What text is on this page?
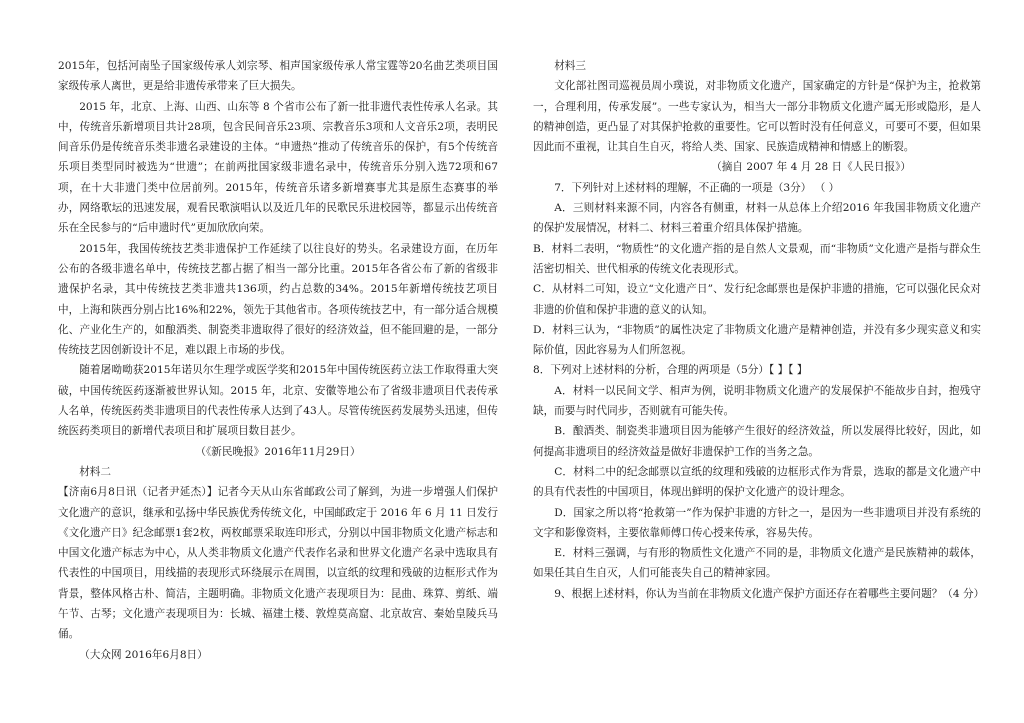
2015年，包括河南坠子国家级传承人刘宗琴、相声国家级传承人常宝霆等20名曲艺类项目国家级传承人离世，更是给非遗传承带来了巨大损失。

2015 年，北京、上海、山西、山东等 8 个省市公布了新一批非遗代表性传承人名录。其中，传统音乐新增项目共计28项，包含民间音乐23项、宗教音乐3项和人文音乐2项，表明民间音乐仍是传统音乐类非遗名录建设的主体。“申遗热”推动了传统音乐的保护，有5个传统音乐项目类型同时被选为“世遗”；在前两批国家级非遗名录中，传统音乐分别入选72项和67 项，在十大非遗门类中位居前列。2015年，传统音乐诸多新增赛事尤其是原生态赛事的举办，网络歌坛的迅速发展，观看民歌演唱认以及近几年的民歌民乐进校园等，都显示出传统音乐在全民参与的“后申遗时代”更加欣欣向荣。

2015年，我国传统技艺类非遗保护工作延续了以往良好的势头。名录建设方面，在历年公布的各级非遗名单中，传统技艺都占据了相当一部分比重。2015年各省公布了新的省级非遗保护名录，其中传统技艺类非遗共136项，约占总数的34%。2015年新增传统技艺项目中，上海和陕西分别占比16%和22%，领先于其他省市。各项传统技艺中，有一部分适合规模化、产业化生产的，如酿酒类、制瓷类非遗取得了很好的经济效益，但不能回避的是，一部分传统技艺因创新设计不足，难以跟上市场的步伐。

随着屠呦呦获2015年诺贝尔生理学或医学奖和2015年中国传统医药立法工作取得重大突破，中国传统医药逐渐被世界认知。2015 年，北京、安徽等地公布了省级非遗项目代表传承人名单，传统医药类非遗项目的代表性传承人达到了43人。尽管传统医药发展势头迅速，但传统医药类项目的新增代表项目和扩展项目数目甚少。

（《新民晚报》2016年11月29日）

材料二

【济南6月8日讯（记者尹延杰）】记者今天从山东省邮政公司了解到，为进一步增强人们保护文化遗产的意识，继承和弘扬中华民族优秀传统文化，中国邮政定于 2016 年 6 月 11 日发行《文化遗产日》纪念邮票1套2枚，两枚邮票采取连印形式，分别以中国非物质文化遗产标志和中国文化遗产标志为中心，从人类非物质文化遗产代表作名录和世界文化遗产名录中选取具有代表性的中国项目，用线描的表现形式环绕展示在周围，以宣纸的纹理和残破的边框形式作为背景，整体风格古朴、简洁，主题明确。非物质文化遗产表现项目为：昆曲、珠算、剪纸、端午节、古琴；文化遗产表现项目为：长城、福建土楼、敦煌莫高窟、北京故宫、秦始皇陵兵马俑。

（大众网 2016年6月8日）

材料三

文化部社图司巡视员周小璞说，对非物质文化遗产，国家确定的方针是“保护为主，抢救第一，合理利用，传承发展”。一些专家认为，相当大一部分非物质文化遗产属无形或隐形，是人的精神创造，更凸显了对其保护抢救的重要性。它可以暂时没有任何意义，可要可不要，但如果因此而不重视，让其自生自灭，将给人类、国家、民族造成精神和情感上的断裂。

（摘自 2007 年 4 月 28 日《人民日报》）

7．下列针对上述材料的理解，不正确的一项是（3分） （ ）

A．三则材料来源不同，内容各有侧重，材料一从总体上介绍2016 年我国非物质文化遗产的保护发展情况，材料二、材料三着重介绍具体保护措施。

B．材料二表明，“物质性”的文化遗产指的是自然人文景观，而“非物质”文化遗产是指与群众生活密切相关、世代相承的传统文化表现形式。

C．从材料二可知，设立“文化遗产日”、发行纪念邮票也是保护非遗的措施，它可以强化民众对非遗的价值和保护非遗的意义的认知。

D．材料三认为，“非物质”的属性决定了非物质文化遗产是精神创造，并没有多少现实意义和实际价值，因此容易为人们所忽视。

8．下列对上述材料的分析，合理的两项是（5分）【 】【 】

A．材料一以民间文学、相声为例，说明非物质文化遗产的发展保护不能故步自封，抱残守缺，而要与时代同步，否则就有可能失传。

B．酿酒类、制瓷类非遗项目因为能够产生很好的经济效益，所以发展得比较好，因此，如何提高非遗项目的经济效益是做好非遗保护工作的当务之急。

C．材料二中的纪念邮票以宣纸的纹理和残破的边框形式作为背景，选取的都是文化遗产中的具有代表性的中国项目，体现出鲜明的保护文化遗产的设计理念。

D．国家之所以将“抢救第一”作为保护非遗的方针之一，是因为一些非遗项目并没有系统的文字和影像资料，主要依靠师傅口传心授来传承，容易失传。

E．材料三强调，与有形的物质性文化遗产不同的是，非物质文化遗产是民族精神的载体，如果任其自生自灭，人们可能丧失自己的精神家园。

9、根据上述材料，你认为当前在非物质文化遗产保护方面还存在着哪些主要问题？（4 分）
